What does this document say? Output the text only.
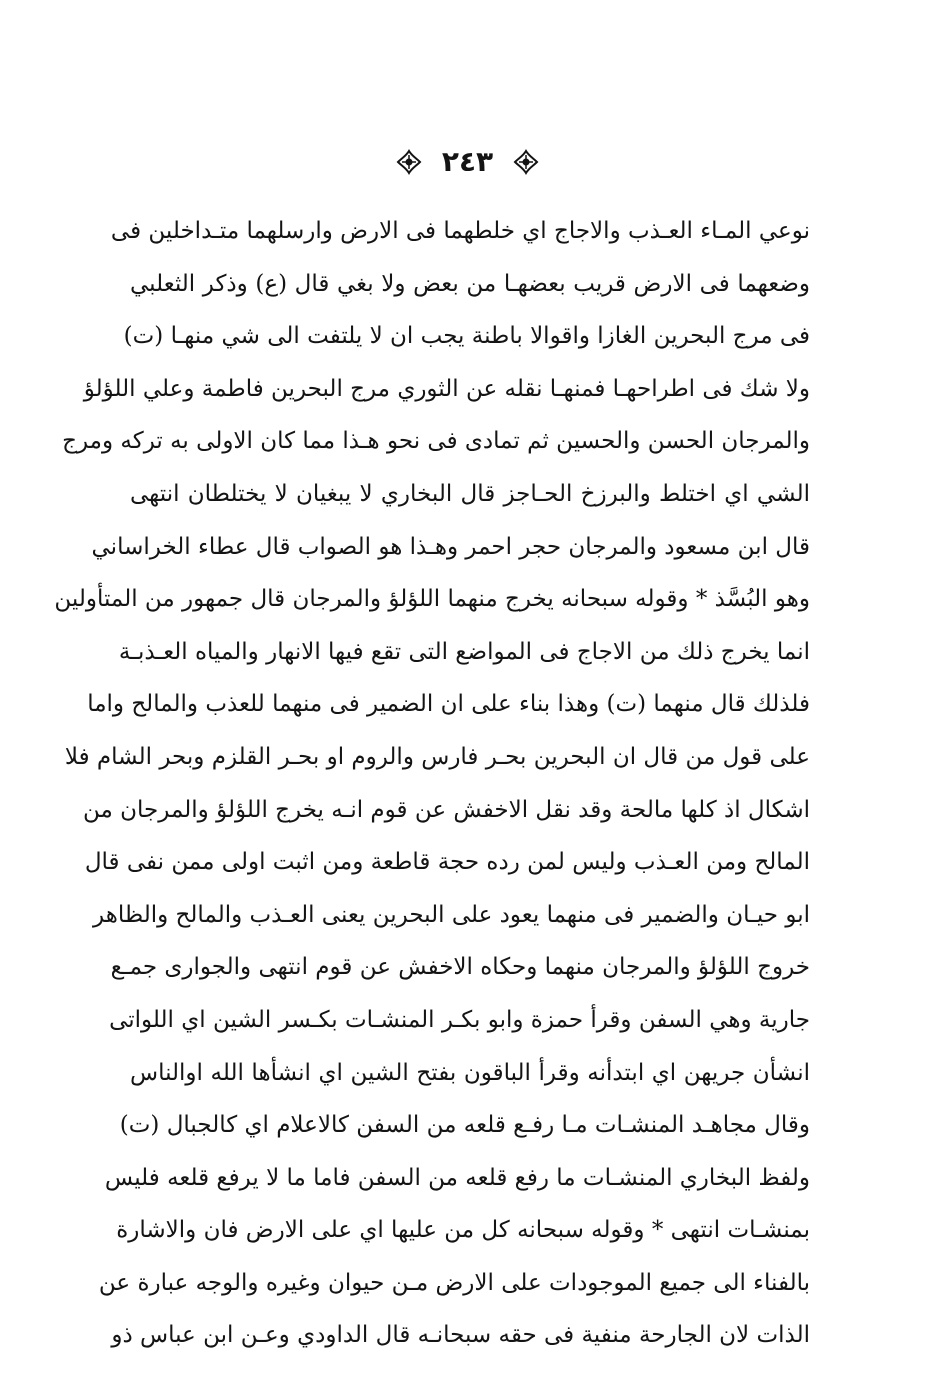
٢٤٣
نوعي المـاء العـذب والاجاج اي خلطهما فى الارض وارسلهما متـداخلين فى
وضعهما فى الارض قريب بعضهـا من بعض ولا بغي قال (ع) وذكر الثعلبي
فى مرج البحرين الغازا واقوالا باطنة يجب ان لا يلتفت الى شي منهـا (ت)
ولا شك فى اطراحهـا فمنهـا نقله عن الثوري مرج البحرين فاطمة وعلي اللؤلؤ
والمرجان الحسن والحسين ثم تمادى فى نحو هـذا مما كان الاولى به تركه ومرج
الشي اي اختلط والبرزخ الحـاجز قال البخاري لا يبغيان لا يختلطان انتهى
قال ابن مسعود والمرجان حجر احمر وهـذا هو الصواب قال عطاء الخراساني
وهو البُسَّذ * وقوله سبحانه يخرج منهما اللؤلؤ والمرجان قال جمهور من المتأولين
انما يخرج ذلك من الاجاج فى المواضع التى تقع فيها الانهار والمياه العـذبـة
فلذلك قال منهما (ت) وهذا بناء على ان الضمير فى منهما للعذب والمالح واما
على قول من قال ان البحرين بحـر فارس والروم او بحـر القلزم وبحر الشام فلا
اشكال اذ كلها مالحة وقد نقل الاخفش عن قوم انـه يخرج اللؤلؤ والمرجان من
المالح ومن العـذب وليس لمن رده حجة قاطعة ومن اثبت اولى ممن نفى قال
ابو حيـان والضمير فى منهما يعود على البحرين يعنى العـذب والمالح والظاهر
خروج اللؤلؤ والمرجان منهما وحكاه الاخفش عن قوم انتهى والجوارى جمـع
جارية وهي السفن وقرأ حمزة وابو بكـر المنشـات بكـسر الشين اي اللواتى
انشأن جريهن اي ابتدأنه وقرأ الباقون بفتح الشين اي انشأها الله اوالناس
وقال مجاهـد المنشـات مـا رفـع قلعه من السفن كالاعلام اي كالجبال (ت)
ولفظ البخاري المنشـات ما رفع قلعه من السفن فاما ما لا يرفع قلعه فليس
بمنشـات انتهى * وقوله سبحانه كل من عليها اي على الارض فان والاشارة
بالفناء الى جميع الموجودات على الارض مـن حيوان وغيره والوجه عبارة عن
الذات لان الجارحة منفية فى حقه سبحانـه قال الداودي وعـن ابن عباس ذو
